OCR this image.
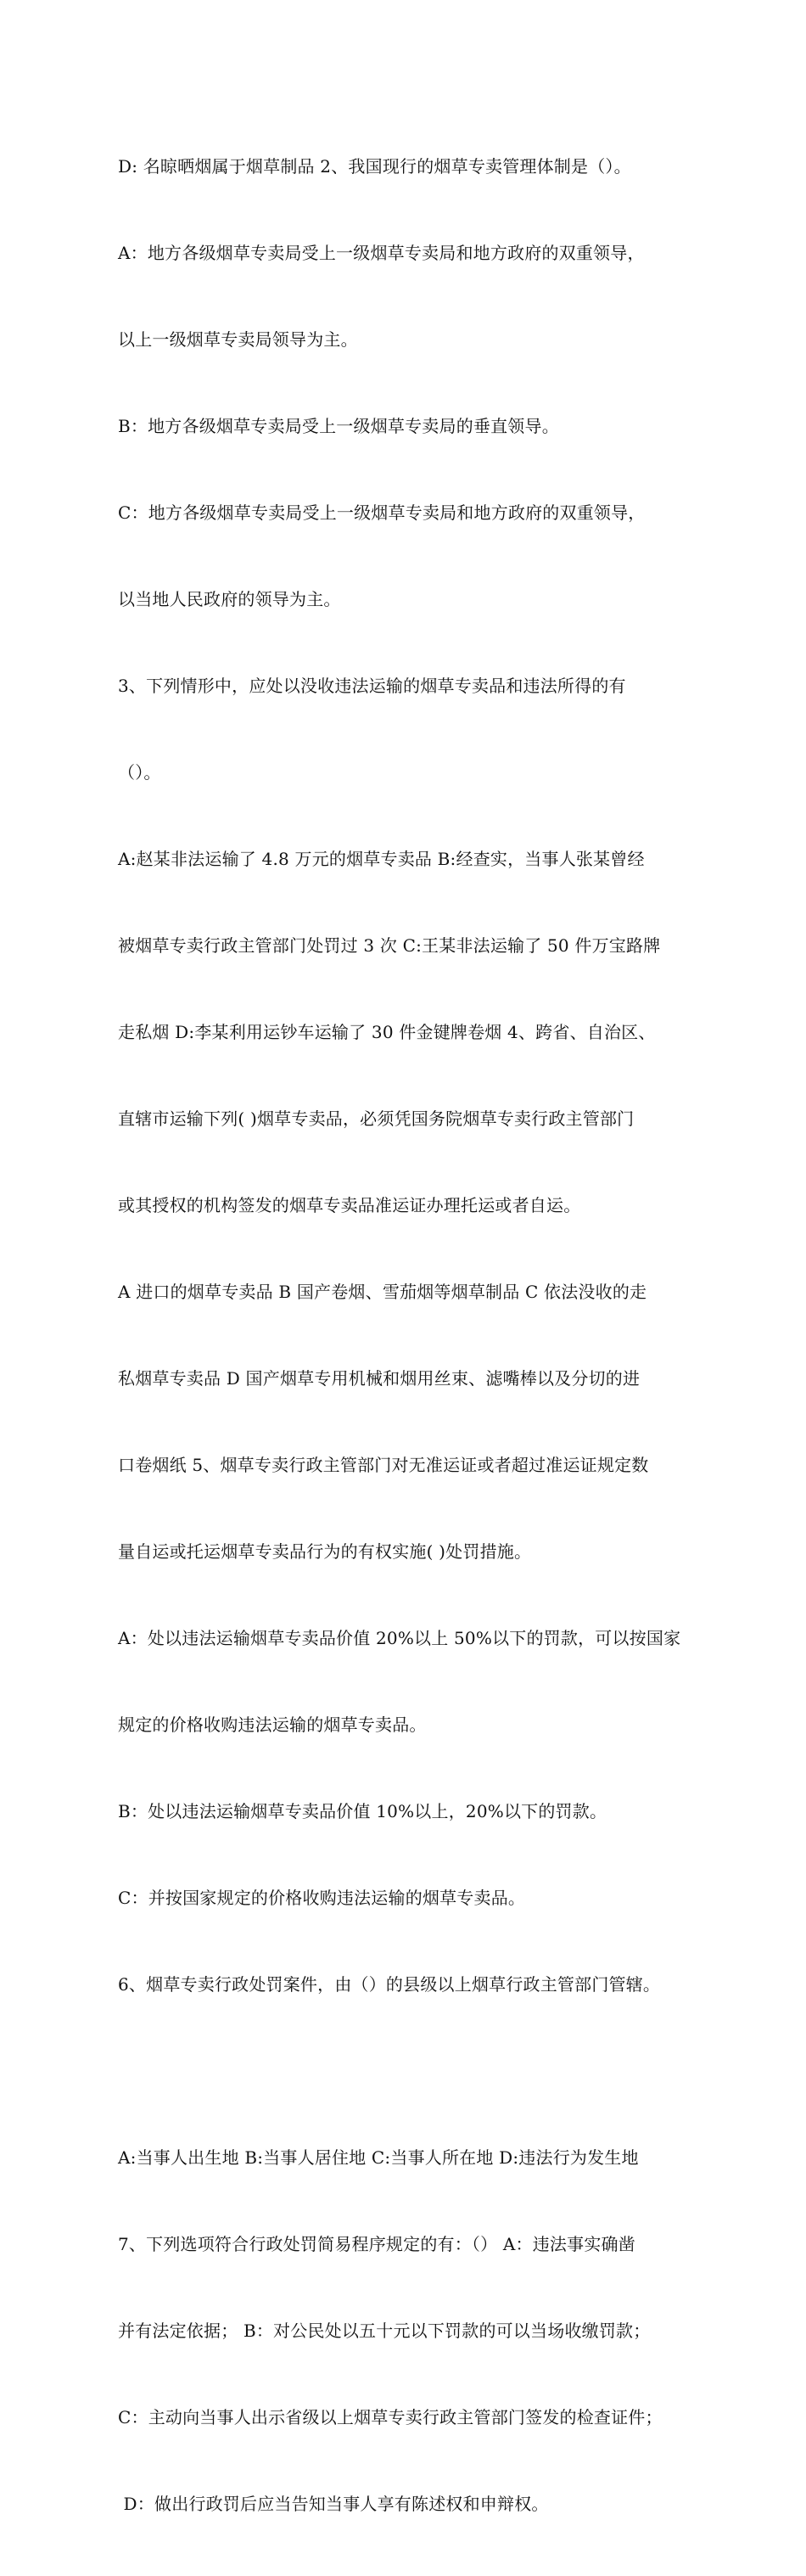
D: 名晾晒烟属于烟草制品 2、我国现行的烟草专卖管理体制是（）。

A：地方各级烟草专卖局受上一级烟草专卖局和地方政府的双重领导，

以上一级烟草专卖局领导为主。

B：地方各级烟草专卖局受上一级烟草专卖局的垂直领导。

C：地方各级烟草专卖局受上一级烟草专卖局和地方政府的双重领导，

以当地人民政府的领导为主。

3、下列情形中，应处以没收违法运输的烟草专卖品和违法所得的有

（）。

A:赵某非法运输了 4.8 万元的烟草专卖品 B:经查实，当事人张某曾经

被烟草专卖行政主管部门处罚过 3 次 C:王某非法运输了 50 件万宝路牌

走私烟 D:李某利用运钞车运输了 30 件金键牌卷烟 4、跨省、自治区、

直辖市运输下列( )烟草专卖品，必须凭国务院烟草专卖行政主管部门

或其授权的机构签发的烟草专卖品准运证办理托运或者自运。

A 进口的烟草专卖品 B 国产卷烟、雪茄烟等烟草制品 C 依法没收的走

私烟草专卖品 D 国产烟草专用机械和烟用丝束、滤嘴棒以及分切的进

口卷烟纸 5、烟草专卖行政主管部门对无准运证或者超过准运证规定数

量自运或托运烟草专卖品行为的有权实施( )处罚措施。

A：处以违法运输烟草专卖品价值 20%以上 50%以下的罚款，可以按国家

规定的价格收购违法运输的烟草专卖品。

B：处以违法运输烟草专卖品价值 10%以上，20%以下的罚款。

C：并按国家规定的价格收购违法运输的烟草专卖品。

6、烟草专卖行政处罚案件，由（）的县级以上烟草行政主管部门管辖。

A:当事人出生地 B:当事人居住地 C:当事人所在地 D:违法行为发生地

7、下列选项符合行政处罚简易程序规定的有：（） A：违法事实确凿

并有法定依据； B：对公民处以五十元以下罚款的可以当场收缴罚款；

C：主动向当事人出示省级以上烟草专卖行政主管部门签发的检查证件；

D：做出行政罚后应当告知当事人享有陈述权和申辩权。
